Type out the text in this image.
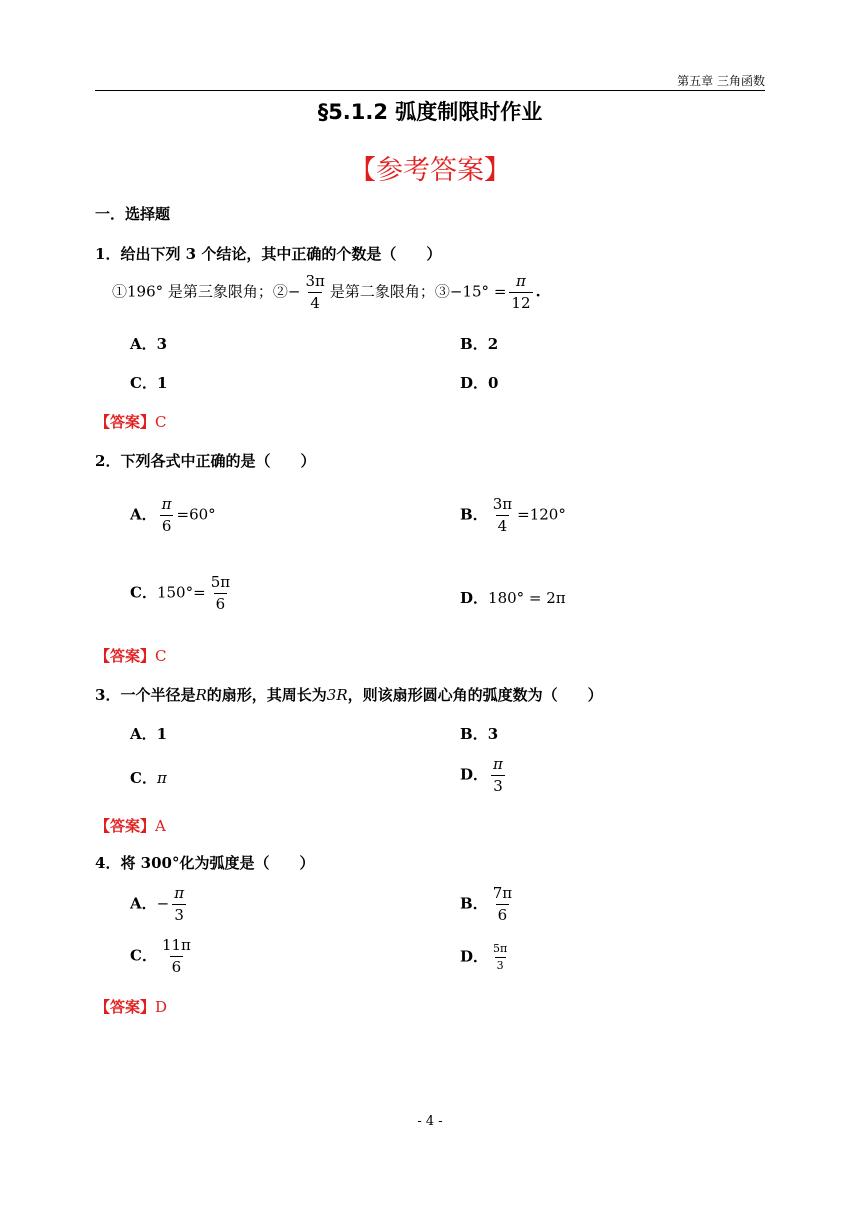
第五章 三角函数
§5.1.2 弧度制限时作业
【参考答案】
一．选择题
1．给出下列 3 个结论，其中正确的个数是（　　）
①196° 是第三象限角；②− $\frac{3\pi}{4}$ 是第二象限角；③−15° = $\frac{\pi}{12}$ .
A．3	B．2
C．1	D．0
【答案】C
2．下列各式中正确的是（　　）
A． $\frac{\pi}{6} =60^\circ$	B． $\frac{3\pi}{4} =120^\circ$
C．$150^\circ= \frac{5\pi}{6}$	D．180° = 2π
【答案】C
3．一个半径是R的扇形，其周长为3R，则该扇形圆心角的弧度数为（　　）
A．1	B．3
C．π	D． $\frac{\pi}{3}$
【答案】A
4．将 300°化为弧度是（　　）
A．− $\frac{\pi}{3}$	B． $\frac{7\pi}{6}$
C． $\frac{11\pi}{6}$	D． $\frac{5\pi}{3}$
【答案】D
- 4 -
